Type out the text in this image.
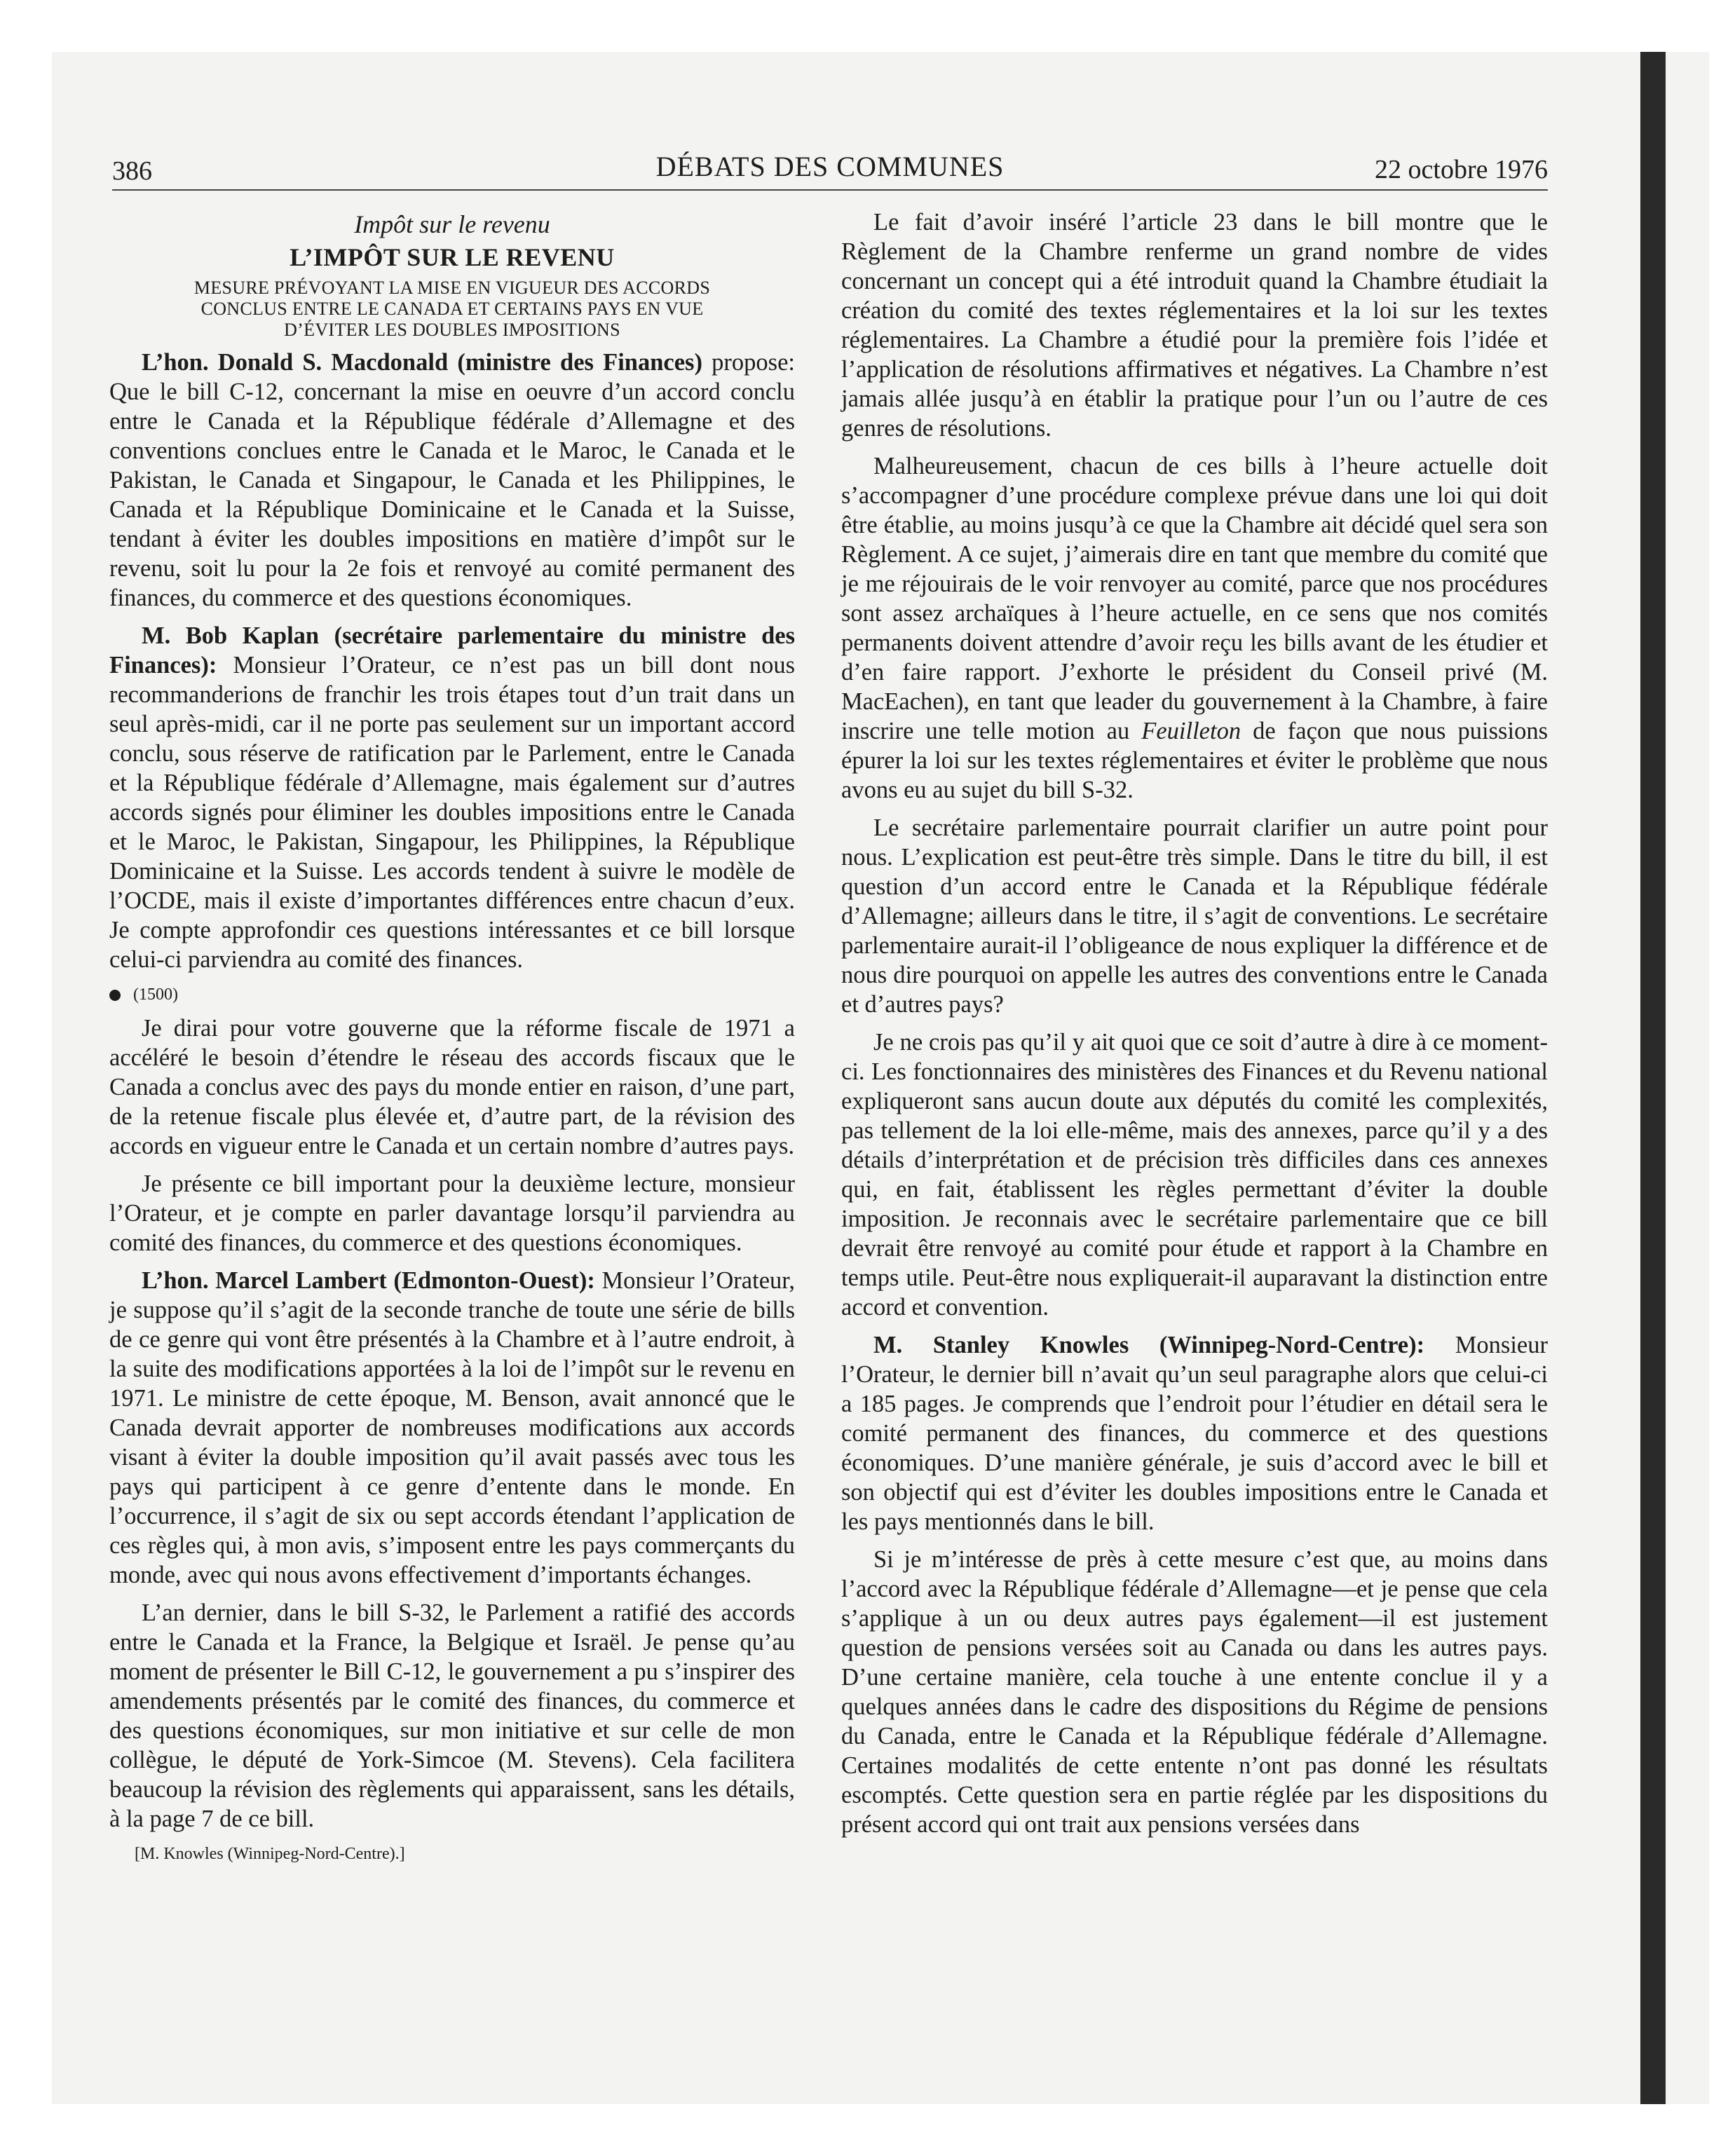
386	DÉBATS DES COMMUNES	22 octobre 1976

Impôt sur le revenu

L’IMPÔT SUR LE REVENU

MESURE PRÉVOYANT LA MISE EN VIGUEUR DES ACCORDS
CONCLUS ENTRE LE CANADA ET CERTAINS PAYS EN VUE
D’ÉVITER LES DOUBLES IMPOSITIONS

L’hon. Donald S. Macdonald (ministre des Finances) propose: Que le bill C-12, concernant la mise en oeuvre d’un accord conclu entre le Canada et la République fédérale d’Allemagne et des conventions conclues entre le Canada et le Maroc, le Canada et le Pakistan, le Canada et Singapour, le Canada et les Philippines, le Canada et la République Dominicaine et le Canada et la Suisse, tendant à éviter les doubles impositions en matière d’impôt sur le revenu, soit lu pour la 2e fois et renvoyé au comité permanent des finances, du commerce et des questions économiques.

M. Bob Kaplan (secrétaire parlementaire du ministre des Finances): Monsieur l’Orateur, ce n’est pas un bill dont nous recommanderions de franchir les trois étapes tout d’un trait dans un seul après-midi, car il ne porte pas seulement sur un important accord conclu, sous réserve de ratification par le Parlement, entre le Canada et la République fédérale d’Allemagne, mais également sur d’autres accords signés pour éliminer les doubles impositions entre le Canada et le Maroc, le Pakistan, Singapour, les Philippines, la République Dominicaine et la Suisse. Les accords tendent à suivre le modèle de l’OCDE, mais il existe d’importantes différences entre chacun d’eux. Je compte approfondir ces questions intéressantes et ce bill lorsque celui-ci parviendra au comité des finances.

(1500)

Je dirai pour votre gouverne que la réforme fiscale de 1971 a accéléré le besoin d’étendre le réseau des accords fiscaux que le Canada a conclus avec des pays du monde entier en raison, d’une part, de la retenue fiscale plus élevée et, d’autre part, de la révision des accords en vigueur entre le Canada et un certain nombre d’autres pays.

Je présente ce bill important pour la deuxième lecture, monsieur l’Orateur, et je compte en parler davantage lorsqu’il parviendra au comité des finances, du commerce et des questions économiques.

L’hon. Marcel Lambert (Edmonton-Ouest): Monsieur l’Orateur, je suppose qu’il s’agit de la seconde tranche de toute une série de bills de ce genre qui vont être présentés à la Chambre et à l’autre endroit, à la suite des modifications apportées à la loi de l’impôt sur le revenu en 1971. Le ministre de cette époque, M. Benson, avait annoncé que le Canada devrait apporter de nombreuses modifications aux accords visant à éviter la double imposition qu’il avait passés avec tous les pays qui participent à ce genre d’entente dans le monde. En l’occurrence, il s’agit de six ou sept accords étendant l’application de ces règles qui, à mon avis, s’imposent entre les pays commerçants du monde, avec qui nous avons effectivement d’importants échanges.

L’an dernier, dans le bill S-32, le Parlement a ratifié des accords entre le Canada et la France, la Belgique et Israël. Je pense qu’au moment de présenter le Bill C-12, le gouvernement a pu s’inspirer des amendements présentés par le comité des finances, du commerce et des questions économiques, sur mon initiative et sur celle de mon collègue, le député de York-Simcoe (M. Stevens). Cela facilitera beaucoup la révision des règlements qui apparaissent, sans les détails, à la page 7 de ce bill.

[M. Knowles (Winnipeg-Nord-Centre).]

Le fait d’avoir inséré l’article 23 dans le bill montre que le Règlement de la Chambre renferme un grand nombre de vides concernant un concept qui a été introduit quand la Chambre étudiait la création du comité des textes réglementaires et la loi sur les textes réglementaires. La Chambre a étudié pour la première fois l’idée et l’application de résolutions affirmatives et négatives. La Chambre n’est jamais allée jusqu’à en établir la pratique pour l’un ou l’autre de ces genres de résolutions.

Malheureusement, chacun de ces bills à l’heure actuelle doit s’accompagner d’une procédure complexe prévue dans une loi qui doit être établie, au moins jusqu’à ce que la Chambre ait décidé quel sera son Règlement. A ce sujet, j’aimerais dire en tant que membre du comité que je me réjouirais de le voir renvoyer au comité, parce que nos procédures sont assez archaïques à l’heure actuelle, en ce sens que nos comités permanents doivent attendre d’avoir reçu les bills avant de les étudier et d’en faire rapport. J’exhorte le président du Conseil privé (M. MacEachen), en tant que leader du gouvernement à la Chambre, à faire inscrire une telle motion au Feuilleton de façon que nous puissions épurer la loi sur les textes réglementaires et éviter le problème que nous avons eu au sujet du bill S-32.

Le secrétaire parlementaire pourrait clarifier un autre point pour nous. L’explication est peut-être très simple. Dans le titre du bill, il est question d’un accord entre le Canada et la République fédérale d’Allemagne; ailleurs dans le titre, il s’agit de conventions. Le secrétaire parlementaire aurait-il l’obligeance de nous expliquer la différence et de nous dire pourquoi on appelle les autres des conventions entre le Canada et d’autres pays?

Je ne crois pas qu’il y ait quoi que ce soit d’autre à dire à ce moment-ci. Les fonctionnaires des ministères des Finances et du Revenu national expliqueront sans aucun doute aux députés du comité les complexités, pas tellement de la loi elle-même, mais des annexes, parce qu’il y a des détails d’interprétation et de précision très difficiles dans ces annexes qui, en fait, établissent les règles permettant d’éviter la double imposition. Je reconnais avec le secrétaire parlementaire que ce bill devrait être renvoyé au comité pour étude et rapport à la Chambre en temps utile. Peut-être nous expliquerait-il auparavant la distinction entre accord et convention.

M. Stanley Knowles (Winnipeg-Nord-Centre): Monsieur l’Orateur, le dernier bill n’avait qu’un seul paragraphe alors que celui-ci a 185 pages. Je comprends que l’endroit pour l’étudier en détail sera le comité permanent des finances, du commerce et des questions économiques. D’une manière générale, je suis d’accord avec le bill et son objectif qui est d’éviter les doubles impositions entre le Canada et les pays mentionnés dans le bill.

Si je m’intéresse de près à cette mesure c’est que, au moins dans l’accord avec la République fédérale d’Allemagne—et je pense que cela s’applique à un ou deux autres pays également—il est justement question de pensions versées soit au Canada ou dans les autres pays. D’une certaine manière, cela touche à une entente conclue il y a quelques années dans le cadre des dispositions du Régime de pensions du Canada, entre le Canada et la République fédérale d’Allemagne. Certaines modalités de cette entente n’ont pas donné les résultats escomptés. Cette question sera en partie réglée par les dispositions du présent accord qui ont trait aux pensions versées dans
